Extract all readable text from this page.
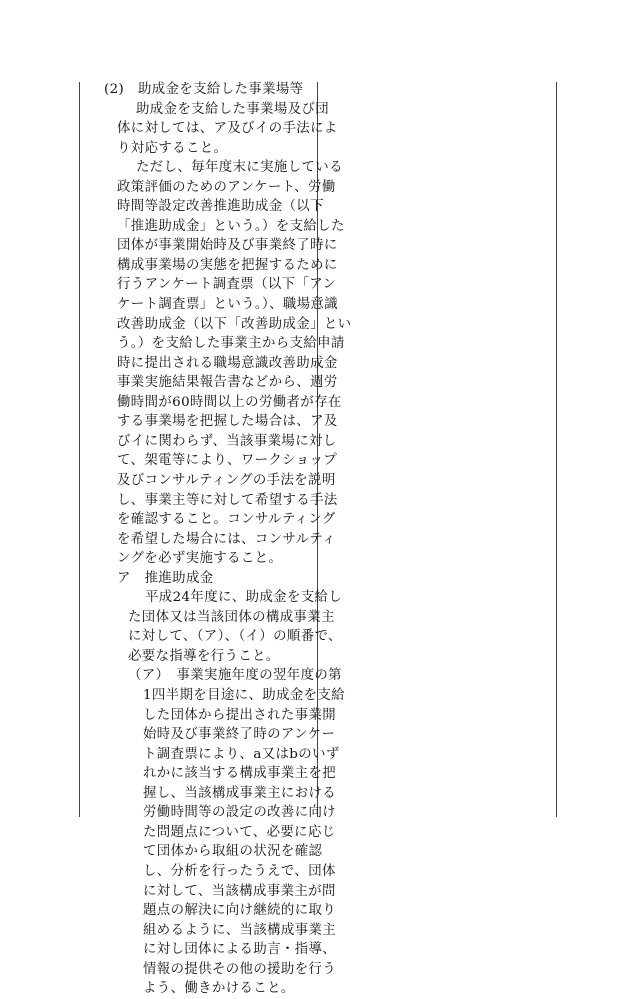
(2)　助成金を支給した事業場等
助成金を支給した事業場及び団
体に対しては、ア及びイの手法によ
り対応すること。
ただし、毎年度末に実施している
政策評価のためのアンケート、労働
時間等設定改善推進助成金（以下
「推進助成金」という。）を支給した
団体が事業開始時及び事業終了時に
構成事業場の実態を把握するために
行うアンケート調査票（以下「アン
ケート調査票」という。）、職場意識
改善助成金（以下「改善助成金」とい
う。）を支給した事業主から支給申請
時に提出される職場意識改善助成金
事業実施結果報告書などから、週労
働時間が60時間以上の労働者が存在
する事業場を把握した場合は、ア及
びイに関わらず、当該事業場に対し
て、架電等により、ワークショップ
及びコンサルティングの手法を説明
し、事業主等に対して希望する手法
を確認すること。コンサルティング
を希望した場合には、コンサルティ
ングを必ず実施すること。
ア　推進助成金
平成24年度に、助成金を支給し
た団体又は当該団体の構成事業主
に対して、（ア）、（イ）の順番で、
必要な指導を行うこと。
（ア）　事業実施年度の翌年度の第
1四半期を目途に、助成金を支給
した団体から提出された事業開
始時及び事業終了時のアンケー
ト調査票により、a又はbのいず
れかに該当する構成事業主を把
握し、当該構成事業主における
労働時間等の設定の改善に向け
た問題点について、必要に応じ
て団体から取組の状況を確認
し、分析を行ったうえで、団体
に対して、当該構成事業主が問
題点の解決に向け継続的に取り
組めるように、当該構成事業主
に対し団体による助言・指導、
情報の提供その他の援助を行う
よう、働きかけること。
